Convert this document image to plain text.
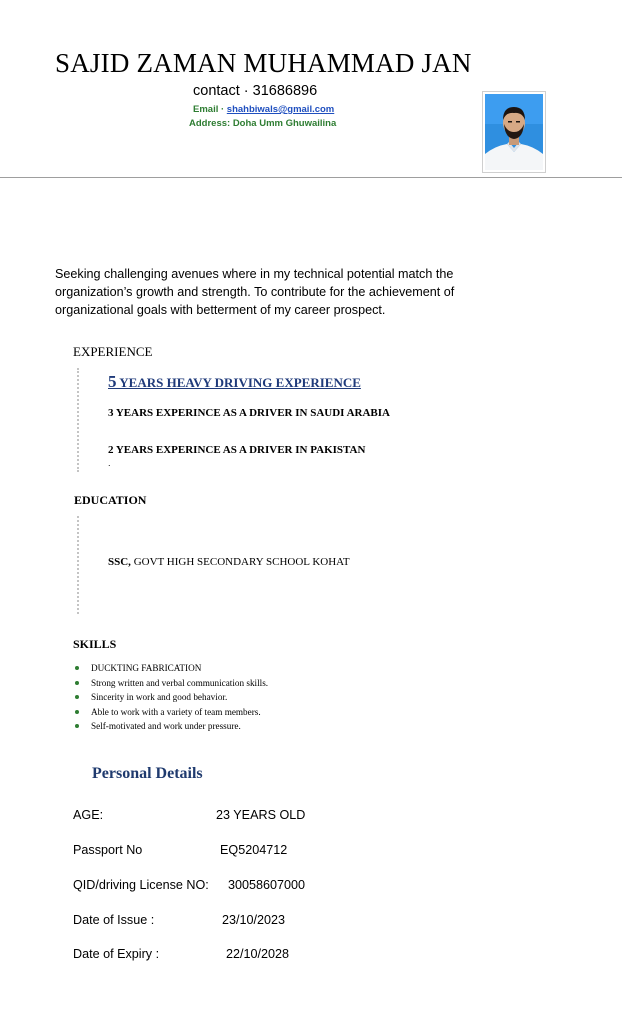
SAJID ZAMAN MUHAMMAD JAN
contact · 31686896
Email · shahbiwals@gmail.com
Address: Doha Umm Ghuwailina
Seeking challenging avenues where in my technical potential match the organization’s growth and strength. To contribute for the achievement of organizational goals with betterment of my career prospect.
EXPERIENCE
5 YEARS HEAVY DRIVING EXPERIENCE
3 YEARS EXPERINCE AS A DRIVER IN SAUDI ARABIA
2 YEARS EXPERINCE AS A DRIVER IN PAKISTAN
.
EDUCATION
SSC, GOVT HIGH SECONDARY SCHOOL KOHAT
SKILLS
DUCKTING FABRICATION
Strong written and verbal communication skills.
Sincerity in work and good behavior.
Able to work with a variety of team members.
Self-motivated and work under pressure.
Personal Details
AGE:	23 YEARS OLD
Passport No	EQ5204712
QID/driving License NO: 30058607000
Date of Issue :	23/10/2023
Date of Expiry :	22/10/2028
